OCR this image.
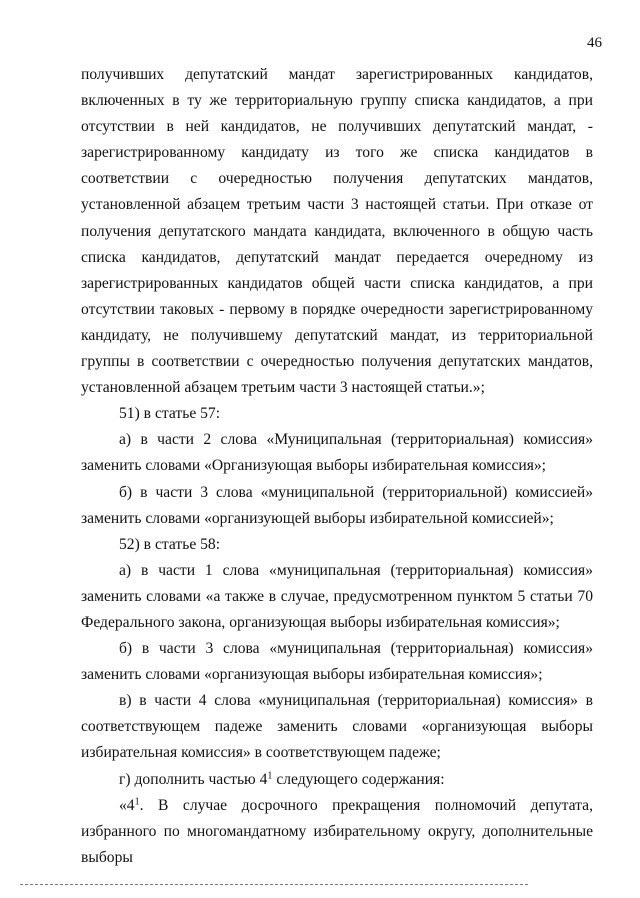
46

получивших депутатский мандат зарегистрированных кандидатов, включенных в ту же территориальную группу списка кандидатов, а при отсутствии в ней кандидатов, не получивших депутатский мандат, - зарегистрированному кандидату из того же списка кандидатов в соответствии с очередностью получения депутатских мандатов, установленной абзацем третьим части 3 настоящей статьи. При отказе от получения депутатского мандата кандидата, включенного в общую часть списка кандидатов, депутатский мандат передается очередному из зарегистрированных кандидатов общей части списка кандидатов, а при отсутствии таковых - первому в порядке очередности зарегистрированному кандидату, не получившему депутатский мандат, из территориальной группы в соответствии с очередностью получения депутатских мандатов, установленной абзацем третьим части 3 настоящей статьи.»;

51) в статье 57:

а) в части 2 слова «Муниципальная (территориальная) комиссия» заменить словами «Организующая выборы избирательная комиссия»;

б) в части 3 слова «муниципальной (территориальной) комиссией» заменить словами «организующей выборы избирательной комиссией»;

52) в статье 58:

а) в части 1 слова «муниципальная (территориальная) комиссия» заменить словами «а также в случае, предусмотренном пунктом 5 статьи 70 Федерального закона, организующая выборы избирательная комиссия»;

б) в части 3 слова «муниципальная (территориальная) комиссия» заменить словами «организующая выборы избирательная комиссия»;

в) в части 4 слова «муниципальная (территориальная) комиссия» в соответствующем падеже заменить словами «организующая выборы избирательная комиссия» в соответствующем падеже;

г) дополнить частью $4^1$ следующего содержания:

«$4^1$. В случае досрочного прекращения полномочий депутата, избранного по многомандатному избирательному округу, дополнительные выборы
